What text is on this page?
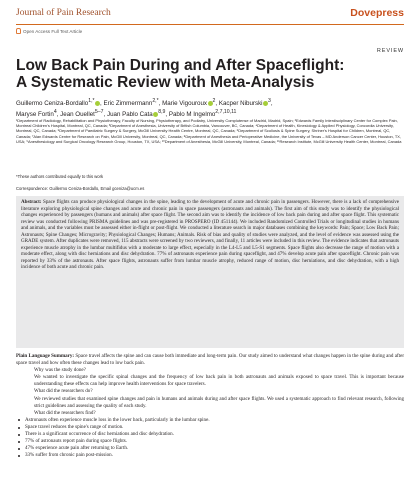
Journal of Pain Research	Dovepress
Open Access Full Text Article
REVIEW
Low Back Pain During and After Spaceflight:
A Systematic Review with Meta-Analysis
Guillermo Ceniza-Bordallo$^{1,*}$ , Eric Zimmermann$^{2,*}$, Marie Vigouroux $^2$, Kacper Niburski $^3$,
Maryse Fortin$^4$, Jean Ouellet$^{5-7}$, Juan Pablo Cata $^{8,9}$, Pablo M Ingelmo$^{2,7,10,11}$
¹Department of Radiology, Rehabilitation and Physiotherapy, Faculty of Nursing, Physiotherapy, and Podiatry, University Complutense of Madrid, Madrid, Spain; ²Edwards Family Interdisciplinary Center for Complex Pain, Montreal Children's Hospital, Montreal, QC, Canada; ³Department of Anesthesia, University of British Columbia, Vancouver, BC, Canada; ⁴Department of Health, Kinesiology & Applied Physiology, Concordia University, Montreal, QC, Canada; ⁵Department of Paediatric Surgery & Surgery, McGill University Health Centre, Montreal, QC, Canada; ⁶Department of Scoliosis & Spine Surgery, Shriner's Hospital for Children, Montreal, QC, Canada; ⁷Alan Edwards Centre for Research on Pain, McGill University, Montreal, QC, Canada; ⁸Department of Anesthesia and Perioperative Medicine, the University of Texas – MD Anderson Cancer Center, Houston, TX, USA; ⁹Anesthesiology and Surgical Oncology Research Group, Houston, TX, USA; ¹⁰Department of Anesthesia, McGill University, Montreal, Canada; ¹¹Research Institute, McGill University Health Center, Montreal, Canada
*These authors contributed equally to this work
Correspondence: Guillermo Ceniza-Bordallo, Email gceniza@ucm.es

Abstract: Space flights can produce physiological changes in the spine, leading to the development of acute and chronic pain in passengers. However, there is a lack of comprehensive literature exploring physiological spine changes and acute and chronic pain in space passengers (astronauts and animals). The first aim of this study was to identify the physiological changes experienced by passengers (humans and animals) after space flight. The second aim was to identify the incidence of low back pain during and after space flight. This systematic review was conducted following PRISMA guidelines and was pre-registered in PROSPERO (ID 451144). We included Randomized Controlled Trials or longitudinal studies in humans and animals, and the variables must be assessed either in-flight or post-flight. We conducted a literature search in major databases combining the keywords: Pain; Space; Low Back Pain; Astronauts; Spine Changes; Microgravity; Physiological Changes; Humans; Animals. Risk of bias and quality of studies were analyzed, and the level of evidence was assessed using the GRADE system. After duplicates were removed, 115 abstracts were screened by two reviewers, and finally, 11 articles were included in this review. The evidence indicates that astronauts experience muscle atrophy in the lumbar multifidus with a moderate to large effect, especially in the L4-L5 and L5-S1 segments. Space flights also decrease the range of motion with a moderate effect, along with disc herniations and disc dehydration. 77% of astronauts experience pain during spaceflight, and 47% develop acute pain after spaceflight. Chronic pain was reported by 33% of the astronauts. After space flights, astronauts suffer from lumbar muscle atrophy, reduced range of motion, disc herniations, and disc dehydration, with a high incidence of both acute and chronic pain.

Plain Language Summary: Space travel affects the spine and can cause both immediate and long-term pain. Our study aimed to understand what changes happen in the spine during and after space travel and how often these changes lead to low back pain.

Why was the study done?

We wanted to investigate the specific spinal changes and the frequency of low back pain in both astronauts and animals exposed to space travel. This is important because understanding these effects can help improve health interventions for space travelers.

What did the researchers do?

We reviewed studies that examined spine changes and pain in humans and animals during and after space flights. We used a systematic approach to find relevant research, following strict guidelines and assessing the quality of each study.

What did the researchers find?

Astronauts often experience muscle loss in the lower back, particularly in the lumbar spine.
Space travel reduces the spine's range of motion.
There is a significant occurrence of disc herniations and disc dehydration.
77% of astronauts report pain during space flights.
47% experience acute pain after returning to Earth.
33% suffer from chronic pain post-mission.
